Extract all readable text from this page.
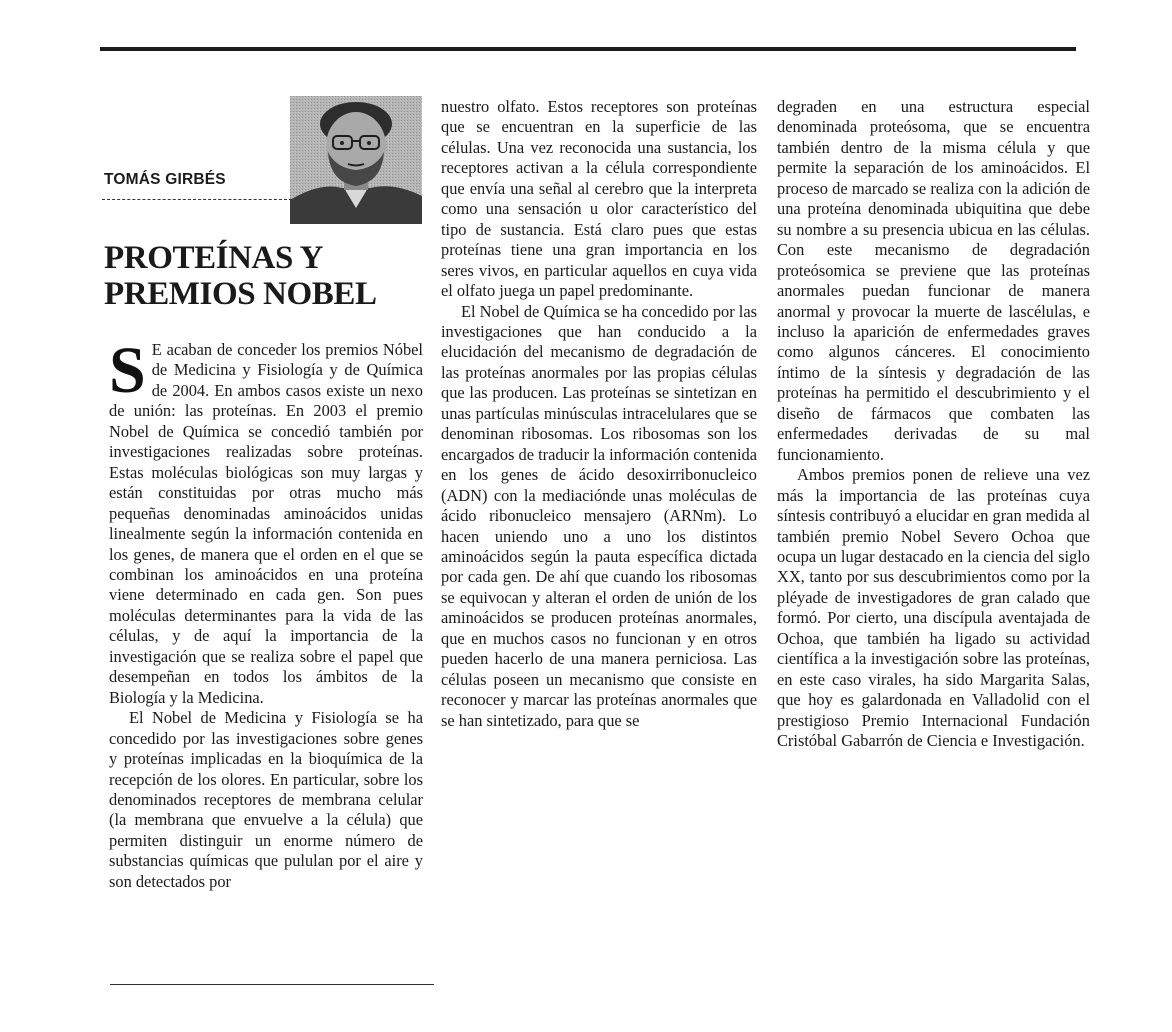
TOMÁS GIRBÉS
PROTEÍNAS Y
PREMIOS NOBEL

S E acaban de conceder los premios Nóbel de Medicina y Fisiología y de Química de 2004. En ambos casos existe un nexo de unión: las proteínas. En 2003 el premio Nobel de Química se concedió también por investigaciones realizadas sobre proteínas. Estas moléculas biológicas son muy largas y están constituidas por otras mucho más pequeñas denominadas aminoácidos unidas linealmente según la información contenida en los genes, de manera que el orden en el que se combinan los aminoácidos en una proteína viene determinado en cada gen. Son pues moléculas determinantes para la vida de las células, y de aquí la importancia de la investigación que se realiza sobre el papel que desempeñan en todos los ámbitos de la Biología y la Medicina.

El Nobel de Medicina y Fisiología se ha concedido por las investigaciones sobre genes y proteínas implicadas en la bioquímica de la recepción de los olores. En particular, sobre los denominados receptores de membrana celular (la membrana que envuelve a la célula) que permiten distinguir un enorme número de substancias químicas que pululan por el aire y son detectados por

nuestro olfato. Estos receptores son proteínas que se encuentran en la superficie de las células. Una vez reconocida una sustancia, los receptores activan a la célula correspondiente que envía una señal al cerebro que la interpreta como una sensación u olor característico del tipo de sustancia. Está claro pues que estas proteínas tiene una gran importancia en los seres vivos, en particular aquellos en cuya vida el olfato juega un papel predominante.

El Nobel de Química se ha concedido por las investigaciones que han conducido a la elucidación del mecanismo de degradación de las proteínas anormales por las propias células que las producen. Las proteínas se sintetizan en unas partículas minúsculas intracelulares que se denominan ribosomas. Los ribosomas son los encargados de traducir la información contenida en los genes de ácido desoxirribonucleico (ADN) con la mediaciónde unas moléculas de ácido ribonucleico mensajero (ARNm). Lo hacen uniendo uno a uno los distintos aminoácidos según la pauta específica dictada por cada gen. De ahí que cuando los ribosomas se equivocan y alteran el orden de unión de los aminoácidos se producen proteínas anormales, que en muchos casos no funcionan y en otros pueden hacerlo de una manera perniciosa. Las células poseen un mecanismo que consiste en reconocer y marcar las proteínas anormales que se han sintetizado, para que se

degraden en una estructura especial denominada proteósoma, que se encuentra también dentro de la misma célula y que permite la separación de los aminoácidos. El proceso de marcado se realiza con la adición de una proteína denominada ubiquitina que debe su nombre a su presencia ubicua en las células. Con este mecanismo de degradación proteósomica se previene que las proteínas anormales puedan funcionar de manera anormal y provocar la muerte de lascélulas, e incluso la aparición de enfermedades graves como algunos cánceres. El conocimiento íntimo de la síntesis y degradación de las proteínas ha permitido el descubrimiento y el diseño de fármacos que combaten las enfermedades derivadas de su mal funcionamiento.

Ambos premios ponen de relieve una vez más la importancia de las proteínas cuya síntesis contribuyó a elucidar en gran medida al también premio Nobel Severo Ochoa que ocupa un lugar destacado en la ciencia del siglo XX, tanto por sus descubrimientos como por la pléyade de investigadores de gran calado que formó. Por cierto, una discípula aventajada de Ochoa, que también ha ligado su actividad científica a la investigación sobre las proteínas, en este caso virales, ha sido Margarita Salas, que hoy es galardonada en Valladolid con el prestigioso Premio Internacional Fundación Cristóbal Gabarrón de Ciencia e Investigación.
